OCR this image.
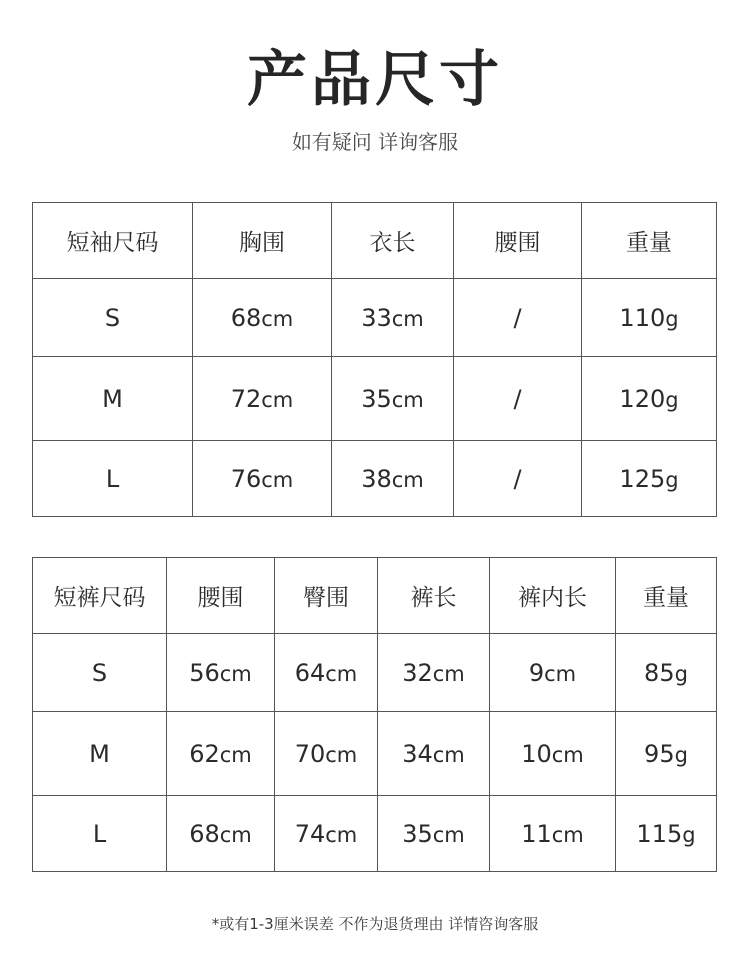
产品尺寸
如有疑问 详询客服
短袖尺码	胸围	衣长	腰围	重量
S	68cm	33cm	/	110g
M	72cm	35cm	/	120g
L	76cm	38cm	/	125g
短裤尺码	腰围	臀围	裤长	裤内长	重量
S	56cm	64cm	32cm	9cm	85g
M	62cm	70cm	34cm	10cm	95g
L	68cm	74cm	35cm	11cm	115g
*或有1-3厘米误差 不作为退货理由 详情咨询客服
